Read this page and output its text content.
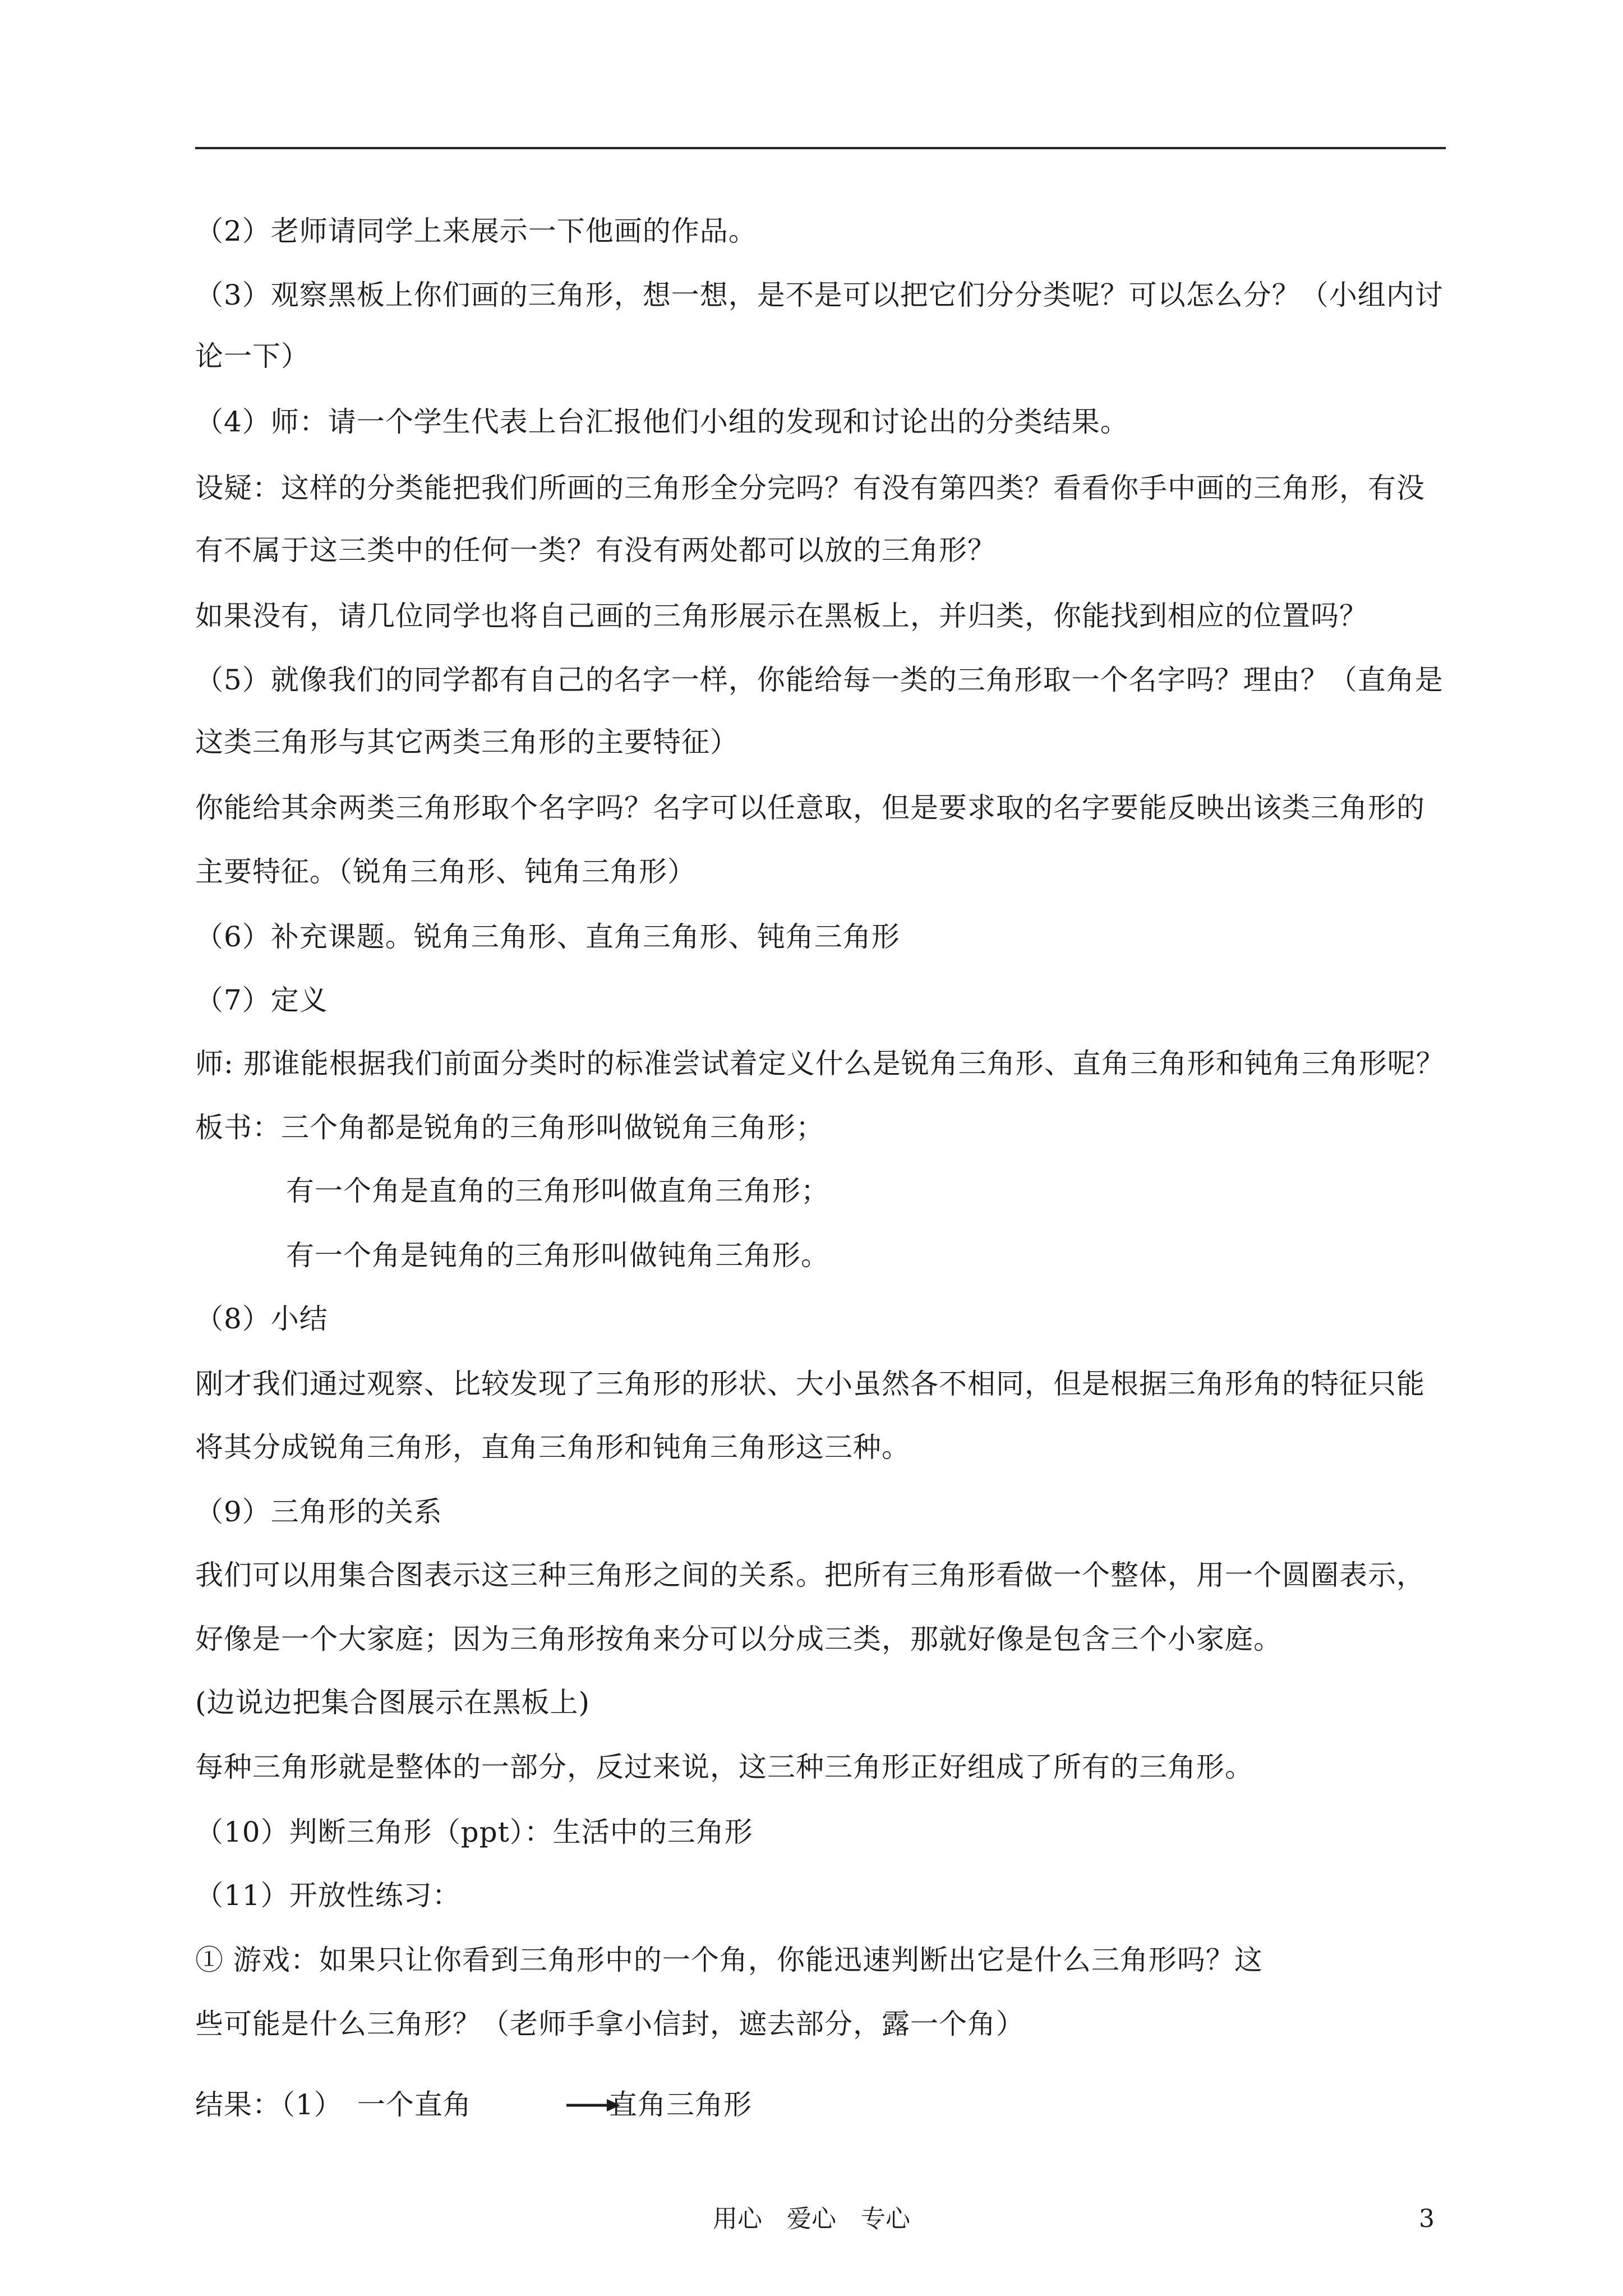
（2）老师请同学上来展示一下他画的作品。
（3）观察黑板上你们画的三角形，想一想，是不是可以把它们分分类呢？可以怎么分？（小组内讨
论一下）
（4）师：请一个学生代表上台汇报他们小组的发现和讨论出的分类结果。
设疑：这样的分类能把我们所画的三角形全分完吗？有没有第四类？看看你手中画的三角形，有没
有不属于这三类中的任何一类？有没有两处都可以放的三角形？
如果没有，请几位同学也将自己画的三角形展示在黑板上，并归类，你能找到相应的位置吗？
（5）就像我们的同学都有自己的名字一样，你能给每一类的三角形取一个名字吗？理由？（直角是
这类三角形与其它两类三角形的主要特征）
你能给其余两类三角形取个名字吗？名字可以任意取，但是要求取的名字要能反映出该类三角形的
主要特征。（锐角三角形、钝角三角形）
（6）补充课题。锐角三角形、直角三角形、钝角三角形
（7）定义
师: 那谁能根据我们前面分类时的标准尝试着定义什么是锐角三角形、直角三角形和钝角三角形呢？
板书：三个角都是锐角的三角形叫做锐角三角形；
有一个角是直角的三角形叫做直角三角形；
有一个角是钝角的三角形叫做钝角三角形。
（8）小结
刚才我们通过观察、比较发现了三角形的形状、大小虽然各不相同，但是根据三角形角的特征只能
将其分成锐角三角形，直角三角形和钝角三角形这三种。
（9）三角形的关系
我们可以用集合图表示这三种三角形之间的关系。把所有三角形看做一个整体，用一个圆圈表示，
好像是一个大家庭；因为三角形按角来分可以分成三类，那就好像是包含三个小家庭。
(边说边把集合图展示在黑板上)
每种三角形就是整体的一部分，反过来说，这三种三角形正好组成了所有的三角形。
（10）判断三角形（ppt）：生活中的三角形
（11）开放性练习：
① 游戏：如果只让你看到三角形中的一个角，你能迅速判断出它是什么三角形吗？这
些可能是什么三角形？（老师手拿小信封，遮去部分，露一个角）
结果：（1）　一个直角	直角三角形
用心　爱心　专心	3
